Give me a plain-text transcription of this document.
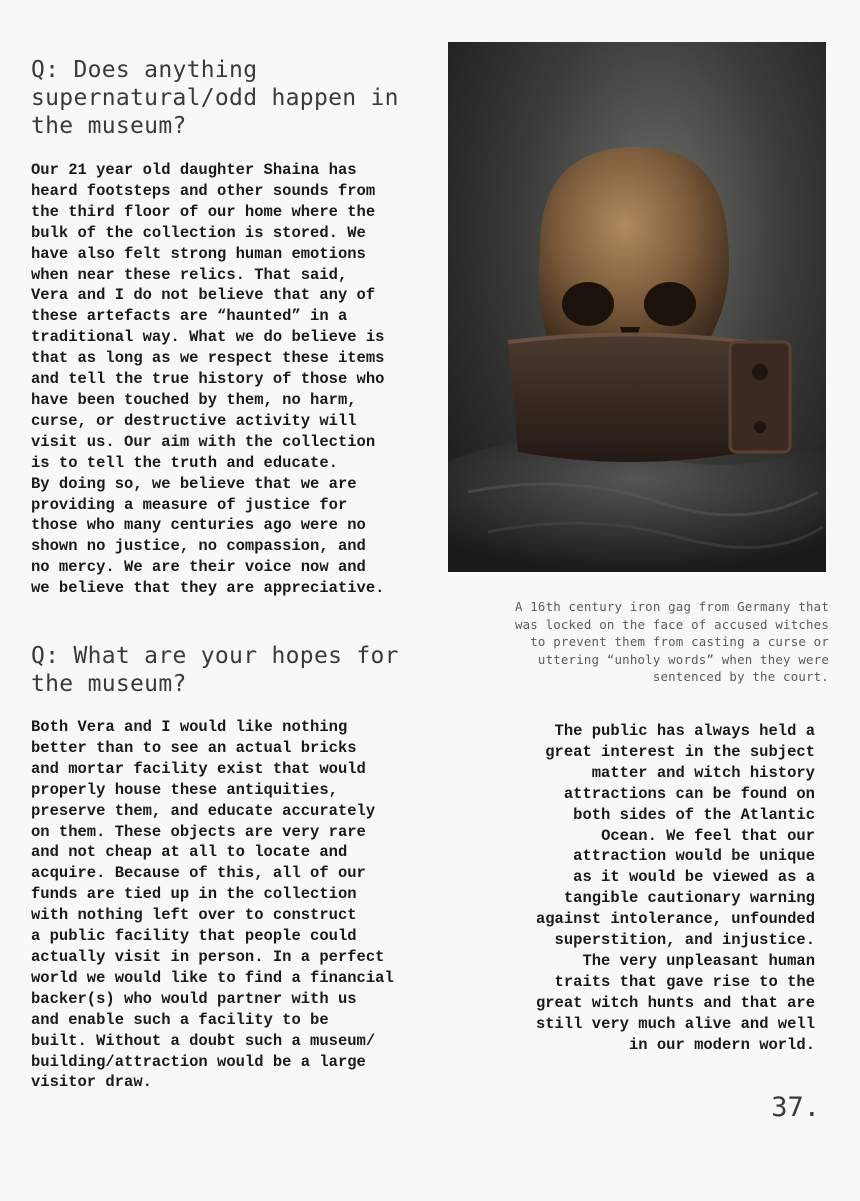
Q: Does anything
supernatural/odd happen in
the museum?

Our 21 year old daughter Shaina has
heard footsteps and other sounds from
the third floor of our home where the
bulk of the collection is stored. We
have also felt strong human emotions
when near these relics. That said,
Vera and I do not believe that any of
these artefacts are “haunted” in a
traditional way. What we do believe is
that as long as we respect these items
and tell the true history of those who
have been touched by them, no harm,
curse, or destructive activity will
visit us. Our aim with the collection
is to tell the truth and educate.
By doing so, we believe that we are
providing a measure of justice for
those who many centuries ago were no
shown no justice, no compassion, and
no mercy. We are their voice now and
we believe that they are appreciative.

A 16th century iron gag from Germany that
was locked on the face of accused witches
to prevent them from casting a curse or
uttering “unholy words” when they were
sentenced by the court.

Q: What are your hopes for
the museum?

Both Vera and I would like nothing
better than to see an actual bricks
and mortar facility exist that would
properly house these antiquities,
preserve them, and educate accurately
on them. These objects are very rare
and not cheap at all to locate and
acquire. Because of this, all of our
funds are tied up in the collection
with nothing left over to construct
a public facility that people could
actually visit in person. In a perfect
world we would like to find a financial
backer(s) who would partner with us
and enable such a facility to be
built. Without a doubt such a museum/
building/attraction would be a large
visitor draw.

The public has always held a
great interest in the subject
matter and witch history
attractions can be found on
both sides of the Atlantic
Ocean. We feel that our
attraction would be unique
as it would be viewed as a
tangible cautionary warning
against intolerance, unfounded
superstition, and injustice.
The very unpleasant human
traits that gave rise to the
great witch hunts and that are
still very much alive and well
in our modern world.

37.
